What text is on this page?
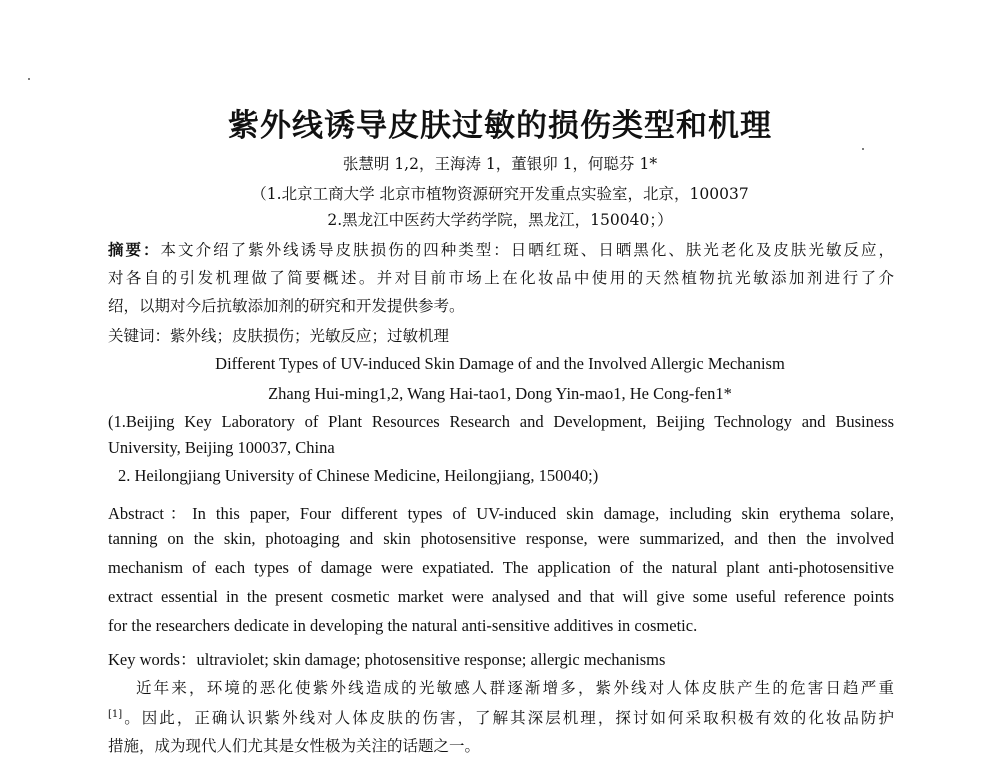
紫外线诱导皮肤过敏的损伤类型和机理
张慧明 1,2，王海涛 1，董银卯 1，何聪芬 1*
（1.北京工商大学 北京市植物资源研究开发重点实验室，北京，100037
2.黑龙江中医药大学药学院，黑龙江，150040；）
摘要：本文介绍了紫外线诱导皮肤损伤的四种类型：日晒红斑、日晒黑化、肤光老化及皮肤光敏反应，
对各自的引发机理做了简要概述。并对目前市场上在化妆品中使用的天然植物抗光敏添加剂进行了介
绍，以期对今后抗敏添加剂的研究和开发提供参考。
关键词：紫外线；皮肤损伤；光敏反应；过敏机理
Different Types of UV-induced Skin Damage of and the Involved Allergic Mechanism
Zhang Hui-ming1,2, Wang Hai-tao1, Dong Yin-mao1, He Cong-fen1*
(1.Beijing Key Laboratory of Plant Resources Research and Development, Beijing Technology and Business
University, Beijing 100037, China
2. Heilongjiang University of Chinese Medicine, Heilongjiang, 150040;)
Abstract：In this paper, Four different types of UV-induced skin damage, including skin erythema solare,
tanning on the skin, photoaging and skin photosensitive response, were summarized, and then the involved
mechanism of each types of damage were expatiated. The application of the natural plant anti-photosensitive
extract essential in the present cosmetic market were analysed and that will give some useful reference points
for the researchers dedicate in developing the natural anti-sensitive additives in cosmetic.
Key words：ultraviolet; skin damage; photosensitive response; allergic mechanisms
近年来，环境的恶化使紫外线造成的光敏感人群逐渐增多，紫外线对人体皮肤产生的危害日趋严重
[1]。因此，正确认识紫外线对人体皮肤的伤害，了解其深层机理，探讨如何采取积极有效的化妆品防护
措施，成为现代人们尤其是女性极为关注的话题之一。
